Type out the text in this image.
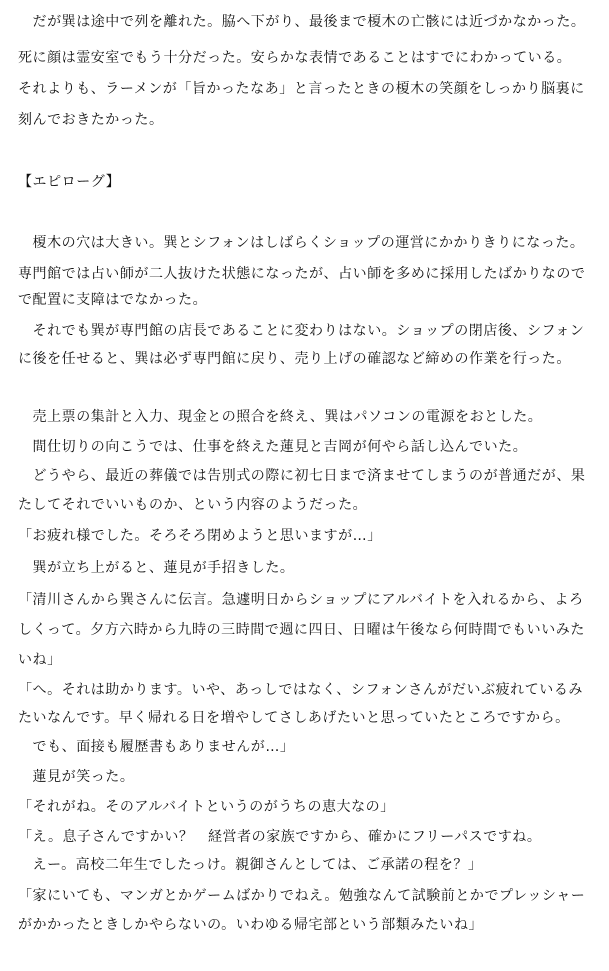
　だが巽は途中で列を離れた。脇へ下がり、最後まで榎木の亡骸には近づかなかった。

死に顔は霊安室でもう十分だった。安らかな表情であることはすでにわかっている。

それよりも、ラーメンが「旨かったなあ」と言ったときの榎木の笑顔をしっかり脳裏に

刻んでおきたかった。

【エピローグ】

　榎木の穴は大きい。巽とシフォンはしばらくショップの運営にかかりきりになった。

専門館では占い師が二人抜けた状態になったが、占い師を多めに採用したばかりなので

で配置に支障はでなかった。

　それでも巽が専門館の店長であることに変わりはない。ショップの閉店後、シフォン

に後を任せると、巽は必ず専門館に戻り、売り上げの確認など締めの作業を行った。

　売上票の集計と入力、現金との照合を終え、巽はパソコンの電源をおとした。

　間仕切りの向こうでは、仕事を終えた蓮見と吉岡が何やら話し込んでいた。

　どうやら、最近の葬儀では告別式の際に初七日まで済ませてしまうのが普通だが、果

たしてそれでいいものか、という内容のようだった。

「お疲れ様でした。そろそろ閉めようと思いますが…」

　巽が立ち上がると、蓮見が手招きした。

「清川さんから巽さんに伝言。急遽明日からショップにアルバイトを入れるから、よろ

しくって。夕方六時から九時の三時間で週に四日、日曜は午後なら何時間でもいいみた

いね」

「へ。それは助かります。いや、あっしではなく、シフォンさんがだいぶ疲れているみ

たいなんです。早く帰れる日を増やしてさしあげたいと思っていたところですから。

　でも、面接も履歴書もありませんが…」

　蓮見が笑った。

「それがね。そのアルバイトというのがうちの恵大なの」

「え。息子さんですかい？　経営者の家族ですから、確かにフリーパスですね。

　えー。高校二年生でしたっけ。親御さんとしては、ご承諾の程を？」

「家にいても、マンガとかゲームばかりでねえ。勉強なんて試験前とかでプレッシャー

がかかったときしかやらないの。いわゆる帰宅部という部類みたいね」
